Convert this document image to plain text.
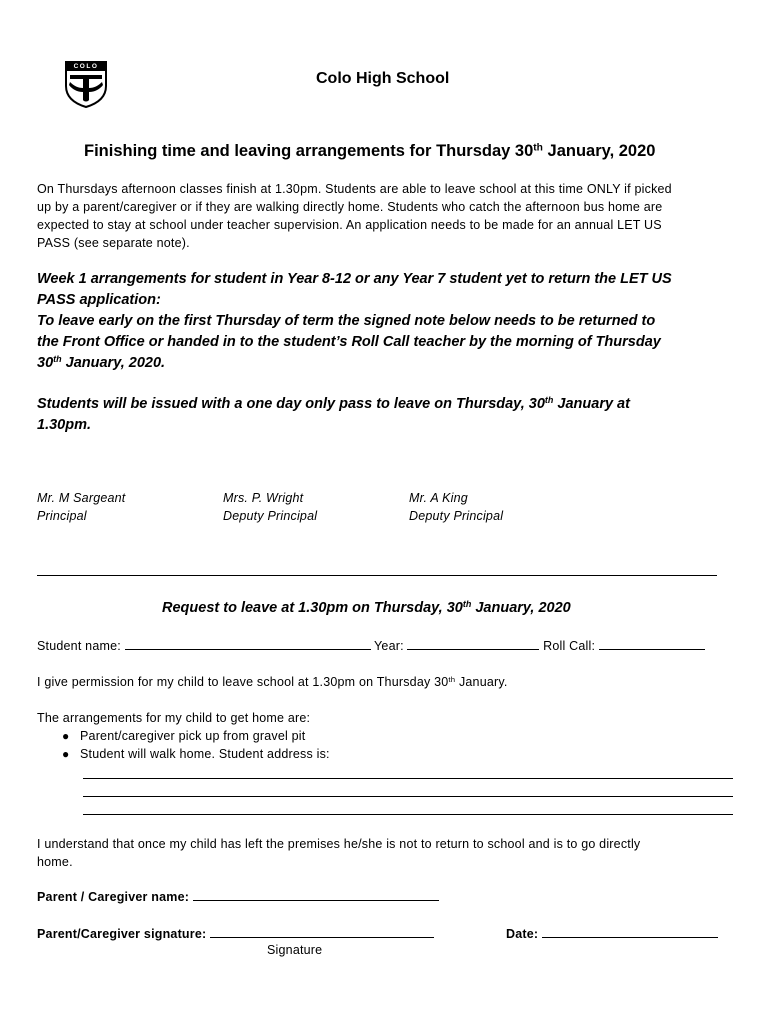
COLO
Colo High School
Finishing time and leaving arrangements for Thursday 30th January, 2020
On Thursdays afternoon classes finish at 1.30pm. Students are able to leave school at this time ONLY if picked
up by a parent/caregiver or if they are walking directly home. Students who catch the afternoon bus home are
expected to stay at school under teacher supervision. An application needs to be made for an annual LET US
PASS (see separate note).
Week 1 arrangements for student in Year 8-12 or any Year 7 student yet to return the LET US
PASS application:
To leave early on the first Thursday of term the signed note below needs to be returned to
the Front Office or handed in to the student’s Roll Call teacher by the morning of Thursday
30th January, 2020.
Students will be issued with a one day only pass to leave on Thursday, 30th January at
1.30pm.
Mr. M Sargeant
Principal
Mrs. P. Wright
Deputy Principal
Mr. A King
Deputy Principal
Request to leave at 1.30pm on Thursday, 30th January, 2020
Student name:	Year:	Roll Call:
I give permission for my child to leave school at 1.30pm on Thursday 30th January.
The arrangements for my child to get home are:
● Parent/caregiver pick up from gravel pit
● Student will walk home. Student address is:
I understand that once my child has left the premises he/she is not to return to school and is to go directly
home.
Parent / Caregiver name:
Parent/Caregiver signature:	Date:
Signature
